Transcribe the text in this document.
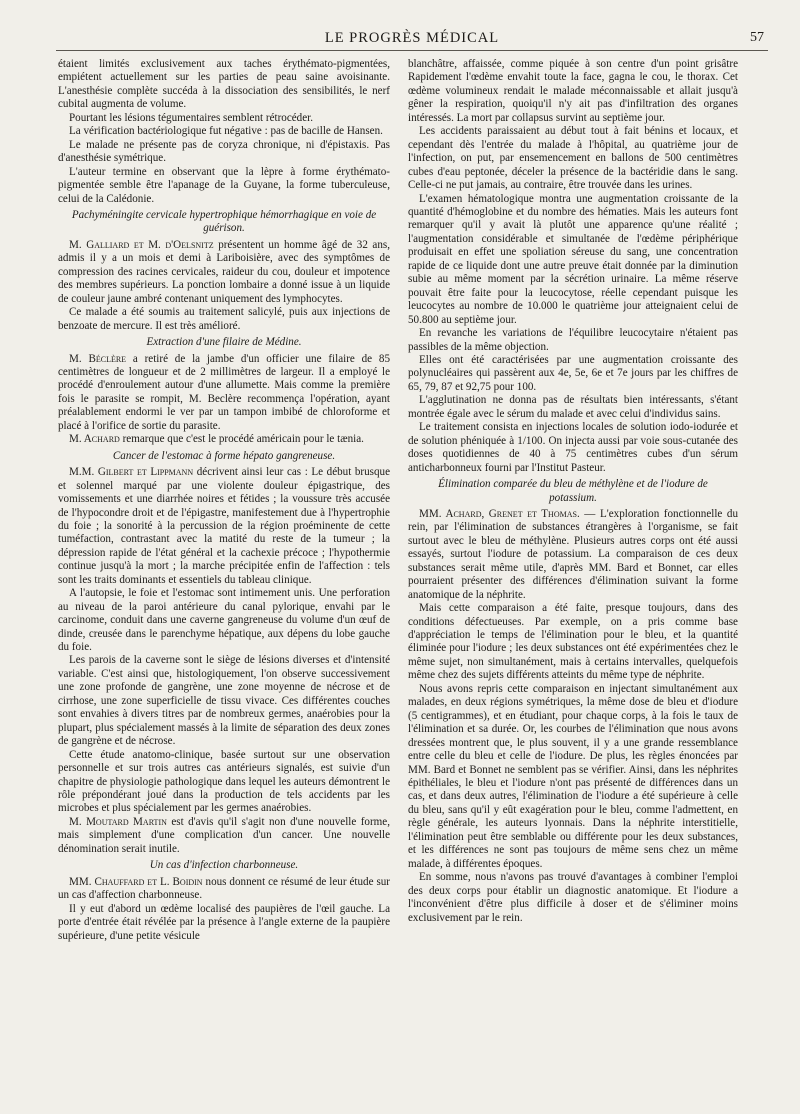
LE PROGRÈS MÉDICAL	57

étaient limités exclusivement aux taches érythémato-pigmentées, empiétent actuellement sur les parties de peau saine avoisinante. L'anesthésie complète succéda à la dissociation des sensibilités, le nerf cubital augmenta de volume.

Pourtant les lésions tégumentaires semblent rétrocéder.

La vérification bactériologique fut négative : pas de bacille de Hansen.

Le malade ne présente pas de coryza chronique, ni d'épistaxis. Pas d'anesthésie symétrique.

L'auteur termine en observant que la lèpre à forme érythémato-pigmentée semble être l'apanage de la Guyane, la forme tuberculeuse, celui de la Calédonie.

Pachyméningite cervicale hypertrophique hémorrhagique en voie de guérison.

M. Galliard et M. d'Oelsnitz présentent un homme âgé de 32 ans, admis il y a un mois et demi à Lariboisière, avec des symptômes de compression des racines cervicales, raideur du cou, douleur et impotence des membres supérieurs. La ponction lombaire a donné issue à un liquide de couleur jaune ambré contenant uniquement des lymphocytes.

Ce malade a été soumis au traitement salicylé, puis aux injections de benzoate de mercure. Il est très amélioré.

Extraction d'une filaire de Médine.

M. Béclère a retiré de la jambe d'un officier une filaire de 85 centimètres de longueur et de 2 millimètres de largeur. Il a employé le procédé d'enroulement autour d'une allumette. Mais comme la première fois le parasite se rompit, M. Beclère recommença l'opération, ayant préalablement endormi le ver par un tampon imbibé de chloroforme et placé à l'orifice de sortie du parasite.

M. Achard remarque que c'est le procédé américain pour le tænia.

Cancer de l'estomac à forme hépato gangreneuse.

M.M. Gilbert et Lippmann décrivent ainsi leur cas : Le début brusque et solennel marqué par une violente douleur épigastrique, des vomissements et une diarrhée noires et fétides ; la voussure très accusée de l'hypocondre droit et de l'épigastre, manifestement due à l'hypertrophie du foie ; la sonorité à la percussion de la région proéminente de cette tuméfaction, contrastant avec la matité du reste de la tumeur ; la dépression rapide de l'état général et la cachexie précoce ; l'hypothermie continue jusqu'à la mort ; la marche précipitée enfin de l'affection : tels sont les traits dominants et essentiels du tableau clinique.

A l'autopsie, le foie et l'estomac sont intimement unis. Une perforation au niveau de la paroi antérieure du canal pylorique, envahi par le carcinome, conduit dans une caverne gangreneuse du volume d'un œuf de dinde, creusée dans le parenchyme hépatique, aux dépens du lobe gauche du foie.

Les parois de la caverne sont le siège de lésions diverses et d'intensité variable. C'est ainsi que, histologiquement, l'on observe successivement une zone profonde de gangrène, une zone moyenne de nécrose et de cirrhose, une zone superficielle de tissu vivace. Ces différentes couches sont envahies à divers titres par de nombreux germes, anaérobies pour la plupart, plus spécialement massés à la limite de séparation des deux zones de gangrène et de nécrose.

Cette étude anatomo-clinique, basée surtout sur une observation personnelle et sur trois autres cas antérieurs signalés, est suivie d'un chapitre de physiologie pathologique dans lequel les auteurs démontrent le rôle prépondérant joué dans la production de tels accidents par les microbes et plus spécialement par les germes anaérobies.

M. Moutard Martin est d'avis qu'il s'agit non d'une nouvelle forme, mais simplement d'une complication d'un cancer. Une nouvelle dénomination serait inutile.

Un cas d'infection charbonneuse.

MM. Chauffard et L. Boidin nous donnent ce résumé de leur étude sur un cas d'affection charbonneuse.

Il y eut d'abord un œdème localisé des paupières de l'œil gauche. La porte d'entrée était révélée par la présence à l'angle externe de la paupière supérieure, d'une petite vésicule

blanchâtre, affaissée, comme piquée à son centre d'un point grisâtre Rapidement l'œdème envahit toute la face, gagna le cou, le thorax. Cet œdème volumineux rendait le malade méconnaissable et allait jusqu'à gêner la respiration, quoiqu'il n'y ait pas d'infiltration des organes intéressés. La mort par collapsus survint au septième jour.

Les accidents paraissaient au début tout à fait bénins et locaux, et cependant dès l'entrée du malade à l'hôpital, au quatrième jour de l'infection, on put, par ensemencement en ballons de 500 centimètres cubes d'eau peptonée, déceler la présence de la bactéridie dans le sang. Celle-ci ne put jamais, au contraire, être trouvée dans les urines.

L'examen hématologique montra une augmentation croissante de la quantité d'hémoglobine et du nombre des hématies. Mais les auteurs font remarquer qu'il y avait là plutôt une apparence qu'une réalité ; l'augmentation considérable et simultanée de l'œdème périphérique produisait en effet une spoliation séreuse du sang, une concentration rapide de ce liquide dont une autre preuve était donnée par la diminution subie au même moment par la sécrétion urinaire. La même réserve pouvait être faite pour la leucocytose, réelle cependant puisque les leucocytes au nombre de 10.000 le quatrième jour atteignaient celui de 50.800 au septième jour.

En revanche les variations de l'équilibre leucocytaire n'étaient pas passibles de la même objection.

Elles ont été caractérisées par une augmentation croissante des polynucléaires qui passèrent aux 4e, 5e, 6e et 7e jours par les chiffres de 65, 79, 87 et 92,75 pour 100.

L'agglutination ne donna pas de résultats bien intéressants, s'étant montrée égale avec le sérum du malade et avec celui d'individus sains.

Le traitement consista en injections locales de solution iodo-iodurée et de solution phéniquée à 1/100. On injecta aussi par voie sous-cutanée des doses quotidiennes de 40 à 75 centimètres cubes d'un sérum anticharbonneux fourni par l'Institut Pasteur.

Élimination comparée du bleu de méthylène et de l'iodure de potassium.

MM. Achard, Grenet et Thomas. — L'exploration fonctionnelle du rein, par l'élimination de substances étrangères à l'organisme, se fait surtout avec le bleu de méthylène. Plusieurs autres corps ont été aussi essayés, surtout l'iodure de potassium. La comparaison de ces deux substances serait même utile, d'après MM. Bard et Bonnet, car elles pourraient présenter des différences d'élimination suivant la forme anatomique de la néphrite.

Mais cette comparaison a été faite, presque toujours, dans des conditions défectueuses. Par exemple, on a pris comme base d'appréciation le temps de l'élimination pour le bleu, et la quantité éliminée pour l'iodure ; les deux substances ont été expérimentées chez le même sujet, non simultanément, mais à certains intervalles, quelquefois même chez des sujets différents atteints du même type de néphrite.

Nous avons repris cette comparaison en injectant simultanément aux malades, en deux régions symétriques, la même dose de bleu et d'iodure (5 centigrammes), et en étudiant, pour chaque corps, à la fois le taux de l'élimination et sa durée. Or, les courbes de l'élimination que nous avons dressées montrent que, le plus souvent, il y a une grande ressemblance entre celle du bleu et celle de l'iodure. De plus, les règles énoncées par MM. Bard et Bonnet ne semblent pas se vérifier. Ainsi, dans les néphrites épithéliales, le bleu et l'iodure n'ont pas présenté de différences dans un cas, et dans deux autres, l'élimination de l'iodure a été supérieure à celle du bleu, sans qu'il y eût exagération pour le bleu, comme l'admettent, en règle générale, les auteurs lyonnais. Dans la néphrite interstitielle, l'élimination peut être semblable ou différente pour les deux substances, et les différences ne sont pas toujours de même sens chez un même malade, à différentes époques.

En somme, nous n'avons pas trouvé d'avantages à combiner l'emploi des deux corps pour établir un diagnostic anatomique. Et l'iodure a l'inconvénient d'être plus difficile à doser et de s'éliminer moins exclusivement par le rein.
